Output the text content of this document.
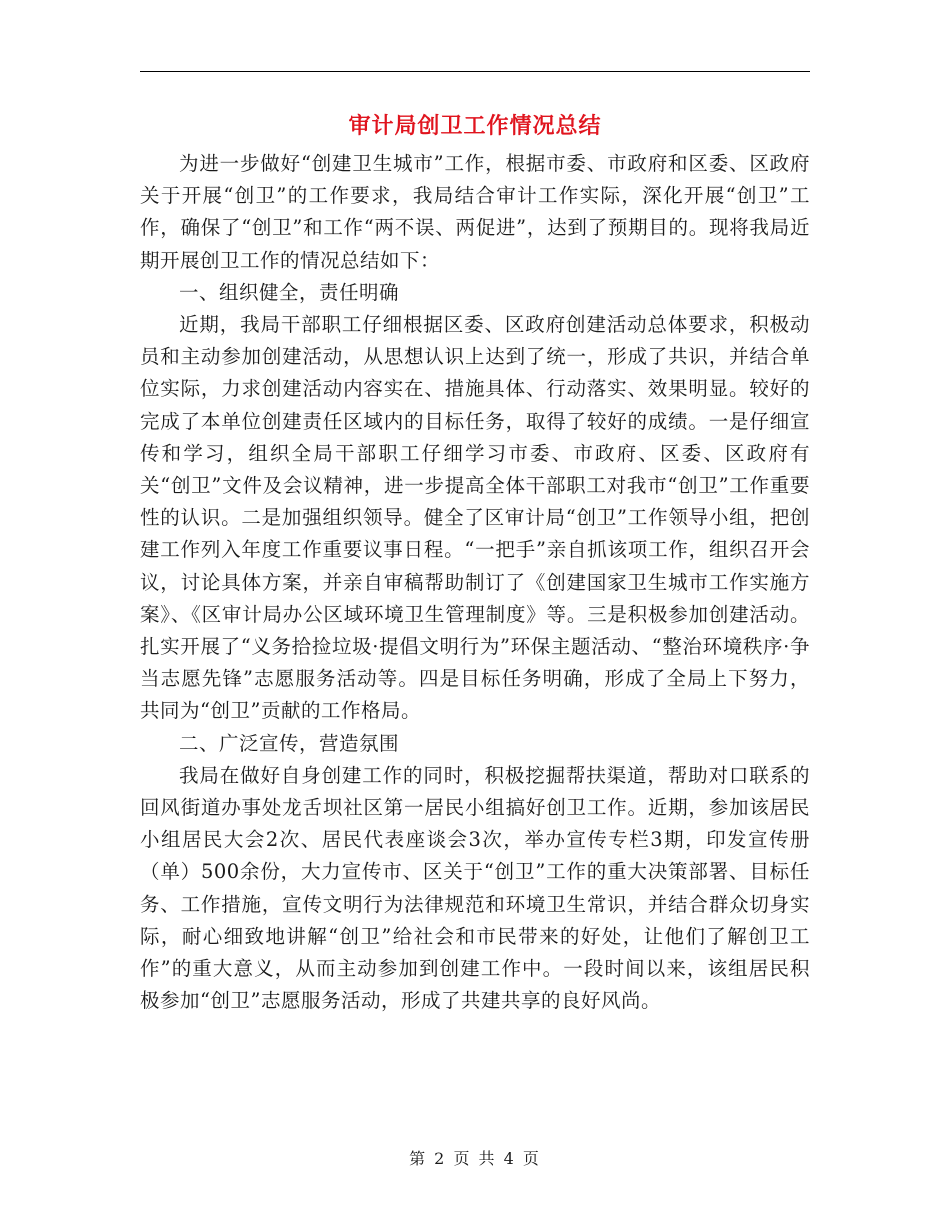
审计局创卫工作情况总结

为进一步做好“创建卫生城市”工作，根据市委、市政府和区委、区政府关于开展“创卫”的工作要求，我局结合审计工作实际，深化开展“创卫”工作，确保了“创卫”和工作“两不误、两促进”，达到了预期目的。现将我局近期开展创卫工作的情况总结如下：

一、组织健全，责任明确

近期，我局干部职工仔细根据区委、区政府创建活动总体要求，积极动员和主动参加创建活动，从思想认识上达到了统一，形成了共识，并结合单位实际，力求创建活动内容实在、措施具体、行动落实、效果明显。较好的完成了本单位创建责任区域内的目标任务，取得了较好的成绩。一是仔细宣传和学习，组织全局干部职工仔细学习市委、市政府、区委、区政府有关“创卫”文件及会议精神，进一步提高全体干部职工对我市“创卫”工作重要性的认识。二是加强组织领导。健全了区审计局“创卫”工作领导小组，把创建工作列入年度工作重要议事日程。“一把手”亲自抓该项工作，组织召开会议，讨论具体方案，并亲自审稿帮助制订了《创建国家卫生城市工作实施方案》、《区审计局办公区域环境卫生管理制度》等。三是积极参加创建活动。扎实开展了“义务拾捡垃圾·提倡文明行为”环保主题活动、“整治环境秩序·争当志愿先锋”志愿服务活动等。四是目标任务明确，形成了全局上下努力，共同为“创卫”贡献的工作格局。

二、广泛宣传，营造氛围

我局在做好自身创建工作的同时，积极挖掘帮扶渠道，帮助对口联系的回风街道办事处龙舌坝社区第一居民小组搞好创卫工作。近期，参加该居民小组居民大会2次、居民代表座谈会3次，举办宣传专栏3期，印发宣传册（单）500余份，大力宣传市、区关于“创卫”工作的重大决策部署、目标任务、工作措施，宣传文明行为法律规范和环境卫生常识，并结合群众切身实际，耐心细致地讲解“创卫”给社会和市民带来的好处，让他们了解创卫工作”的重大意义，从而主动参加到创建工作中。一段时间以来，该组居民积极参加“创卫”志愿服务活动，形成了共建共享的良好风尚。

第 2 页 共 4 页
